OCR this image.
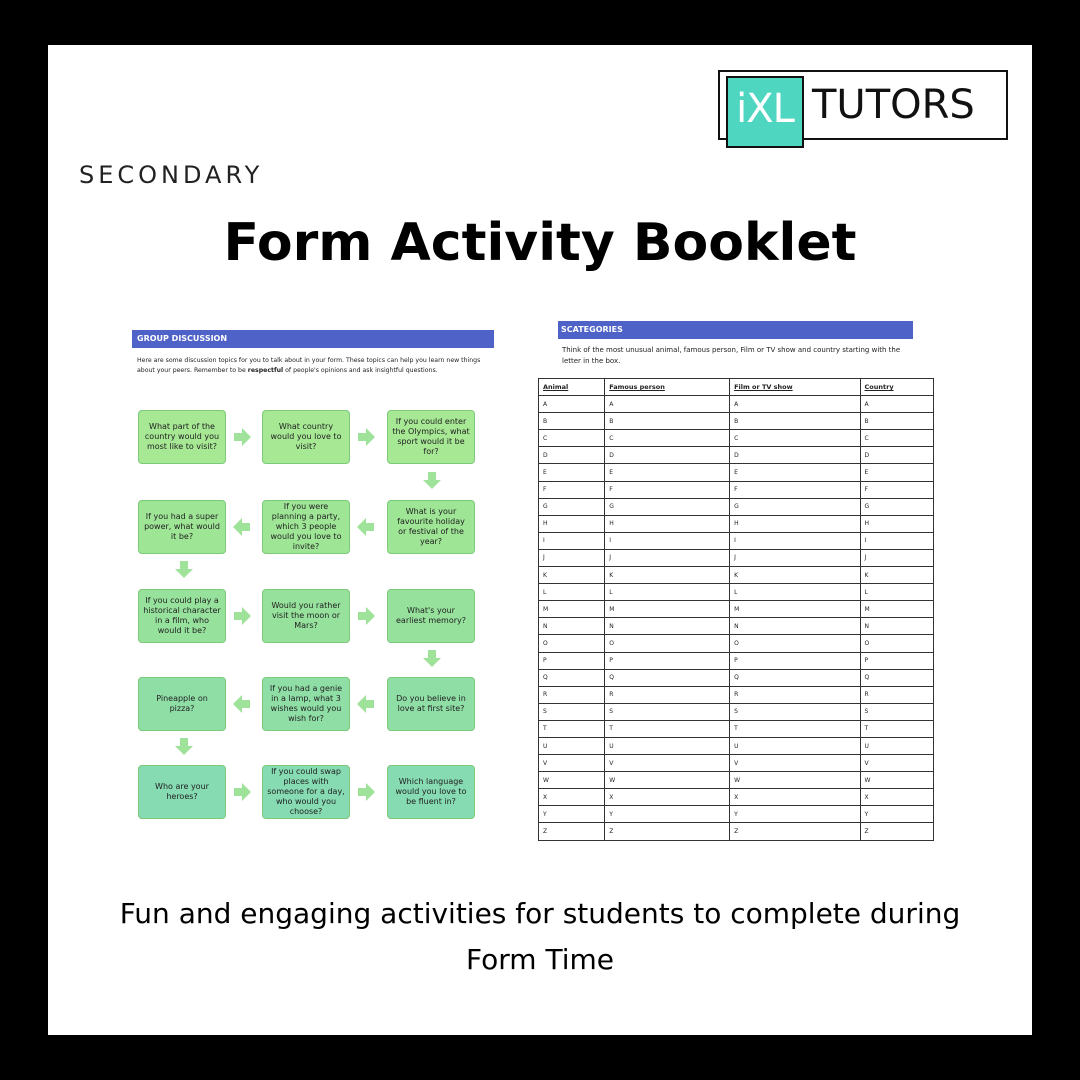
iXL TUTORS
SECONDARY
Form Activity Booklet
GROUP DISCUSSION
Here are some discussion topics for you to talk about in your form. These topics can help you learn new things about your peers. Remember to be respectful of people's opinions and ask insightful questions.
What part of the country would you most like to visit?
What country would you love to visit?
If you could enter the Olympics, what sport would it be for?
What is your favourite holiday or festival of the year?
If you were planning a party, which 3 people would you love to invite?
If you had a super power, what would it be?
If you could play a historical character in a film, who would it be?
Would you rather visit the moon or Mars?
What's your earliest memory?
Do you believe in love at first site?
If you had a genie in a lamp, what 3 wishes would you wish for?
Pineapple on pizza?
Who are your heroes?
If you could swap places with someone for a day, who would you choose?
Which language would you love to be fluent in?
SCATEGORIES
Think of the most unusual animal, famous person, Film or TV show and country starting with the letter in the box.
Animal	Famous person	Film or TV show	Country
A	A	A	A
B	B	B	B
C	C	C	C
D	D	D	D
E	E	E	E
F	F	F	F
G	G	G	G
H	H	H	H
I	I	I	I
J	J	J	J
K	K	K	K
L	L	L	L
M	M	M	M
N	N	N	N
O	O	O	O
P	P	P	P
Q	Q	Q	Q
R	R	R	R
S	S	S	S
T	T	T	T
U	U	U	U
V	V	V	V
W	W	W	W
X	X	X	X
Y	Y	Y	Y
Z	Z	Z	Z
Fun and engaging activities for students to complete during Form Time
